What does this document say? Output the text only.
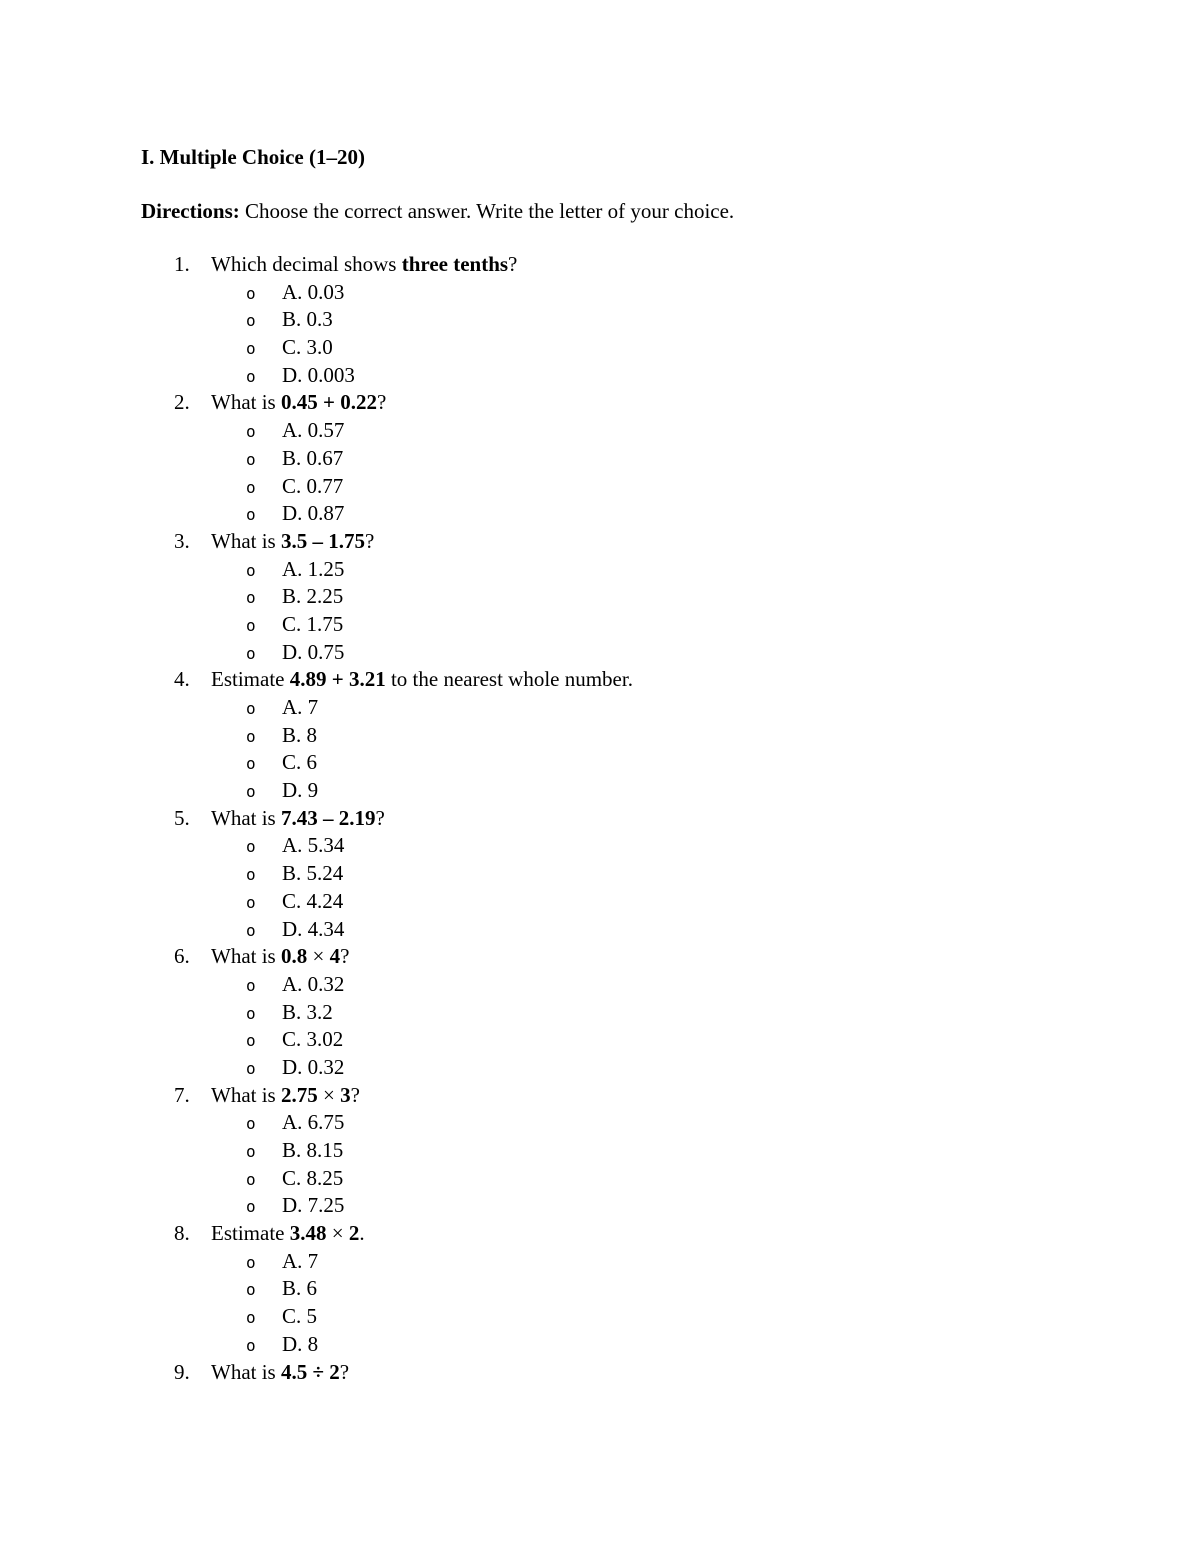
I. Multiple Choice (1–20)

Directions: Choose the correct answer. Write the letter of your choice.

1. Which decimal shows three tenths?
o A. 0.03
o B. 0.3
o C. 3.0
o D. 0.003
2. What is 0.45 + 0.22?
o A. 0.57
o B. 0.67
o C. 0.77
o D. 0.87
3. What is 3.5 – 1.75?
o A. 1.25
o B. 2.25
o C. 1.75
o D. 0.75
4. Estimate 4.89 + 3.21 to the nearest whole number.
o A. 7
o B. 8
o C. 6
o D. 9
5. What is 7.43 – 2.19?
o A. 5.34
o B. 5.24
o C. 4.24
o D. 4.34
6. What is 0.8 × 4?
o A. 0.32
o B. 3.2
o C. 3.02
o D. 0.32
7. What is 2.75 × 3?
o A. 6.75
o B. 8.15
o C. 8.25
o D. 7.25
8. Estimate 3.48 × 2.
o A. 7
o B. 6
o C. 5
o D. 8
9. What is 4.5 ÷ 2?
